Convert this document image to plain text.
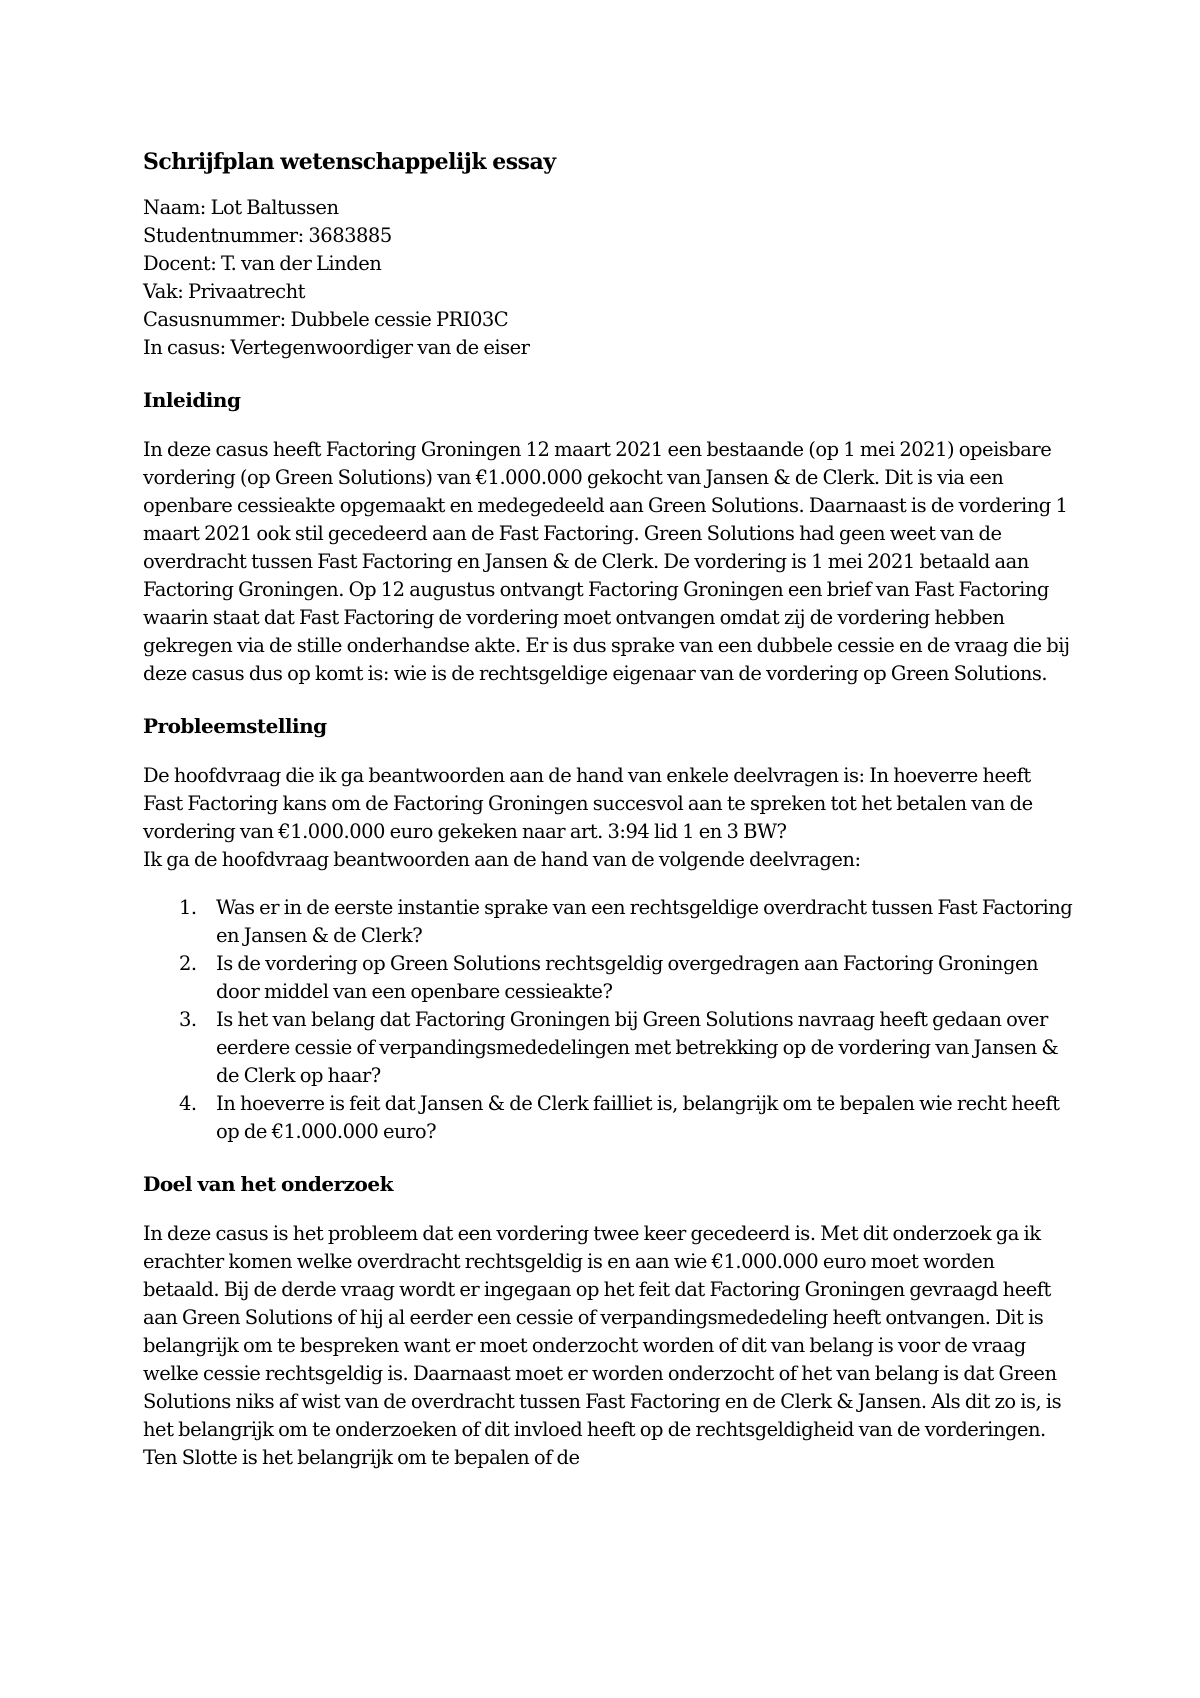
Schrijfplan wetenschappelijk essay

Naam: Lot Baltussen

Studentnummer: 3683885

Docent: T. van der Linden

Vak: Privaatrecht

Casusnummer: Dubbele cessie PRI03C

In casus: Vertegenwoordiger van de eiser

Inleiding

In deze casus heeft Factoring Groningen 12 maart 2021 een bestaande (op 1 mei 2021) opeisbare vordering (op Green Solutions) van €1.000.000 gekocht van Jansen & de Clerk. Dit is via een openbare cessieakte opgemaakt en medegedeeld aan Green Solutions. Daarnaast is de vordering 1 maart 2021 ook stil gecedeerd aan de Fast Factoring. Green Solutions had geen weet van de overdracht tussen Fast Factoring en Jansen & de Clerk. De vordering is 1 mei 2021 betaald aan Factoring Groningen. Op 12 augustus ontvangt Factoring Groningen een brief van Fast Factoring waarin staat dat Fast Factoring de vordering moet ontvangen omdat zij de vordering hebben gekregen via de stille onderhandse akte. Er is dus sprake van een dubbele cessie en de vraag die bij deze casus dus op komt is: wie is de rechtsgeldige eigenaar van de vordering op Green Solutions.

Probleemstelling

De hoofdvraag die ik ga beantwoorden aan de hand van enkele deelvragen is: In hoeverre heeft Fast Factoring kans om de Factoring Groningen succesvol aan te spreken tot het betalen van de vordering van €1.000.000 euro gekeken naar art. 3:94 lid 1 en 3 BW?

Ik ga de hoofdvraag beantwoorden aan de hand van de volgende deelvragen:

1. Was er in de eerste instantie sprake van een rechtsgeldige overdracht tussen Fast Factoring en Jansen & de Clerk?
2. Is de vordering op Green Solutions rechtsgeldig overgedragen aan Factoring Groningen door middel van een openbare cessieakte?
3. Is het van belang dat Factoring Groningen bij Green Solutions navraag heeft gedaan over eerdere cessie of verpandingsmededelingen met betrekking op de vordering van Jansen & de Clerk op haar?
4. In hoeverre is feit dat Jansen & de Clerk failliet is, belangrijk om te bepalen wie recht heeft op de €1.000.000 euro?
Doel van het onderzoek

In deze casus is het probleem dat een vordering twee keer gecedeerd is. Met dit onderzoek ga ik erachter komen welke overdracht rechtsgeldig is en aan wie €1.000.000 euro moet worden betaald. Bij de derde vraag wordt er ingegaan op het feit dat Factoring Groningen gevraagd heeft aan Green Solutions of hij al eerder een cessie of verpandingsmededeling heeft ontvangen. Dit is belangrijk om te bespreken want er moet onderzocht worden of dit van belang is voor de vraag welke cessie rechtsgeldig is. Daarnaast moet er worden onderzocht of het van belang is dat Green Solutions niks af wist van de overdracht tussen Fast Factoring en de Clerk & Jansen. Als dit zo is, is het belangrijk om te onderzoeken of dit invloed heeft op de rechtsgeldigheid van de vorderingen. Ten Slotte is het belangrijk om te bepalen of de
